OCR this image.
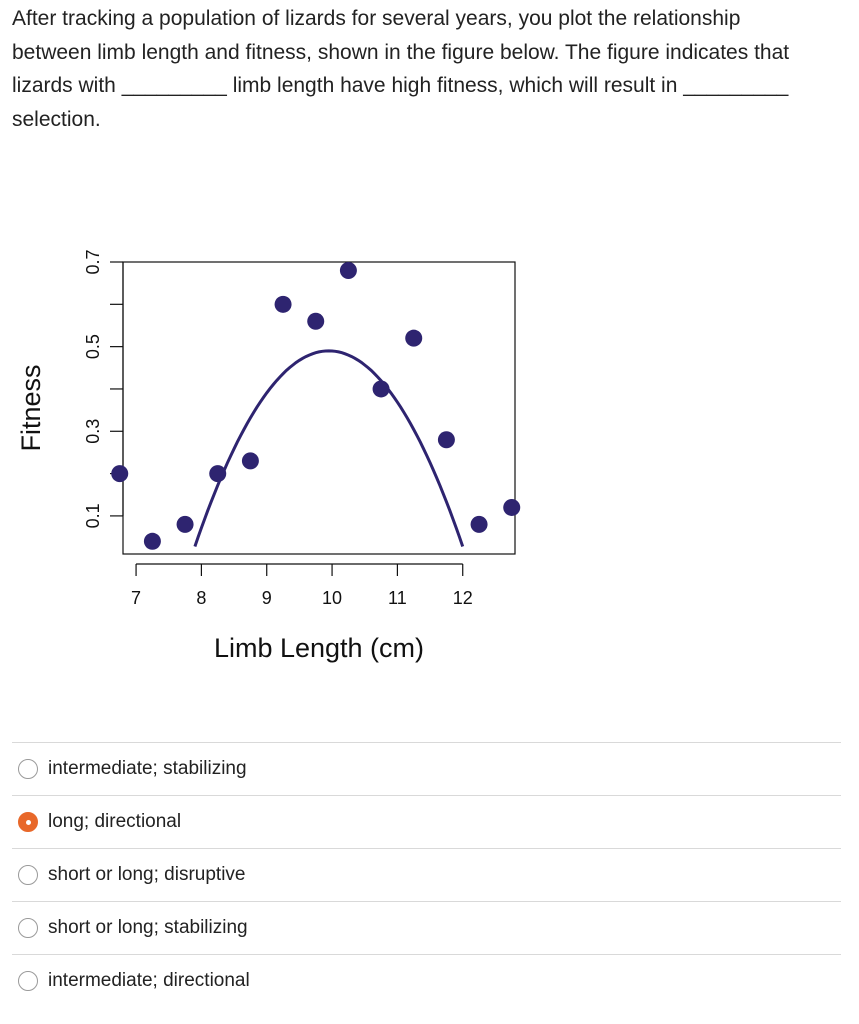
After tracking a population of lizards for several years, you plot the relationship
between limb length and fitness, shown in the figure below. The figure indicates that
lizards with _________ limb length have high fitness, which will result in _________
selection.
0.1
0.3
0.5
0.7
7	8	9	10	11	12
Fitness
Limb Length (cm)
intermediate; stabilizing
long; directional
short or long; disruptive
short or long; stabilizing
intermediate; directional
